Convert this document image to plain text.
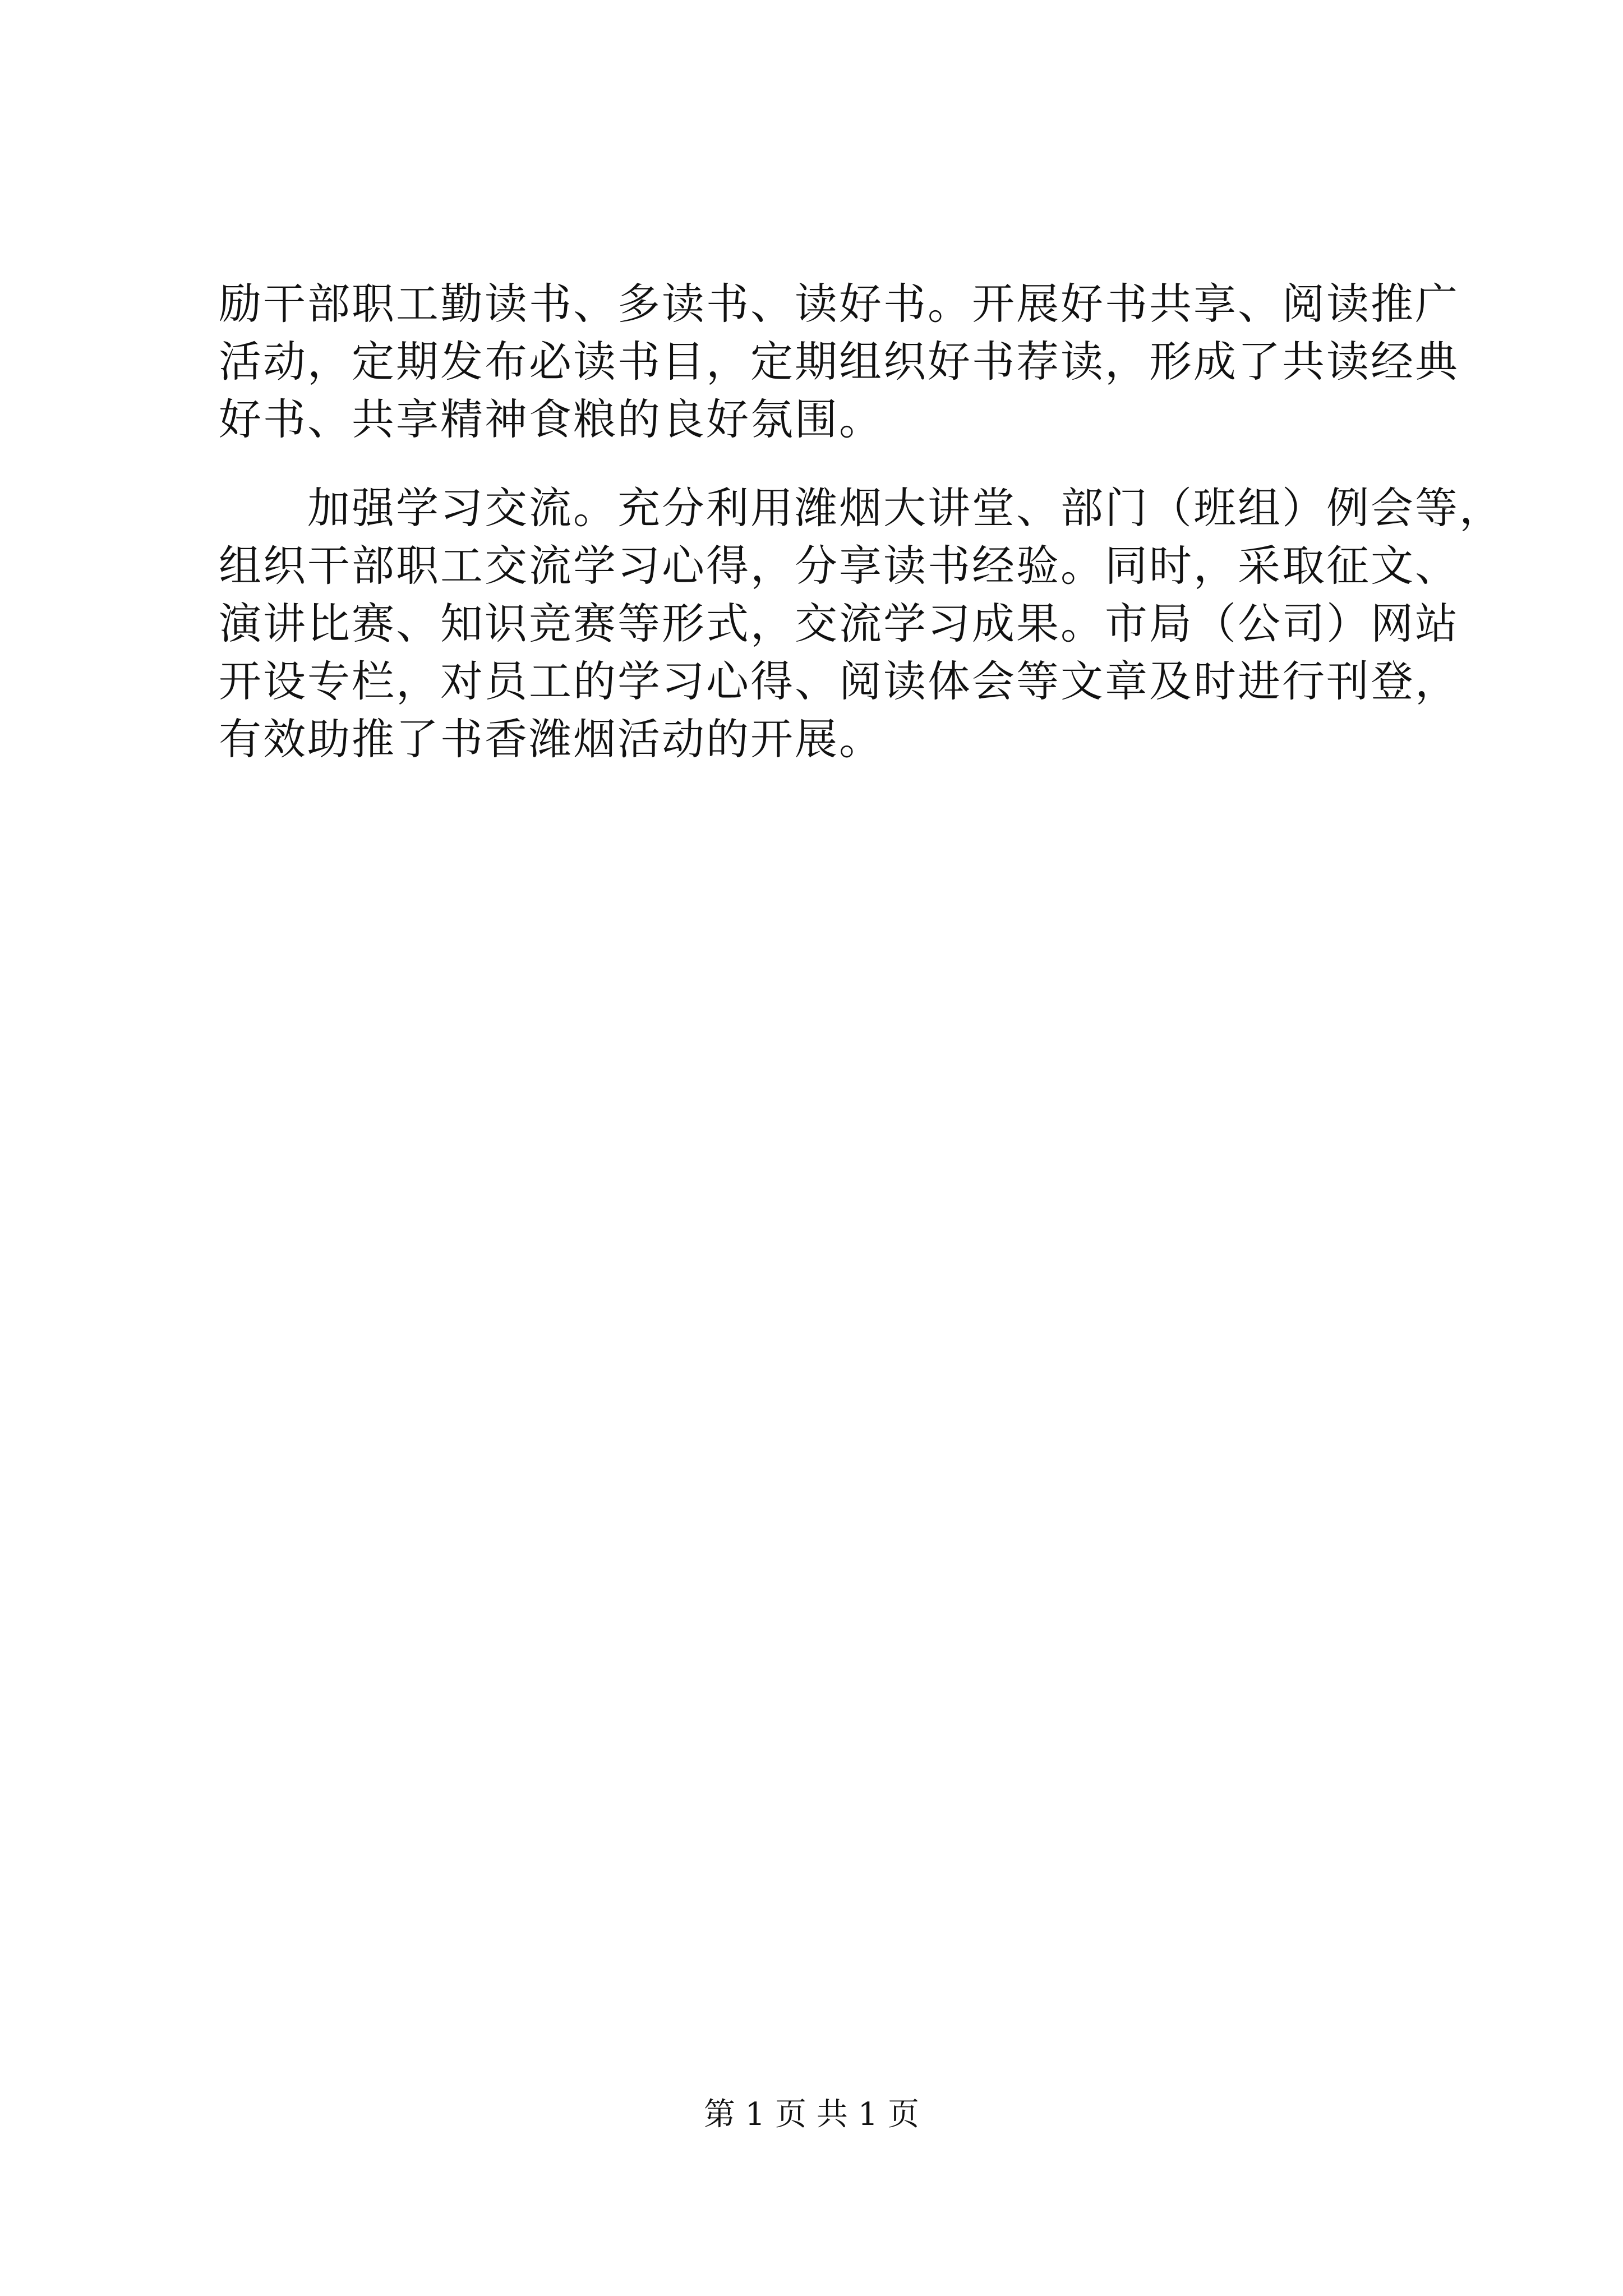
励干部职工勤读书、多读书、读好书。开展好书共享、阅读推广
活动，定期发布必读书目，定期组织好书荐读，形成了共读经典
好书、共享精神食粮的良好氛围。
　　加强学习交流。充分利用潍烟大讲堂、部门（班组）例会等，
组织干部职工交流学习心得，分享读书经验。同时，采取征文、
演讲比赛、知识竞赛等形式，交流学习成果。市局（公司）网站
开设专栏，对员工的学习心得、阅读体会等文章及时进行刊登，
有效助推了书香潍烟活动的开展。
第 1 页 共 1 页
